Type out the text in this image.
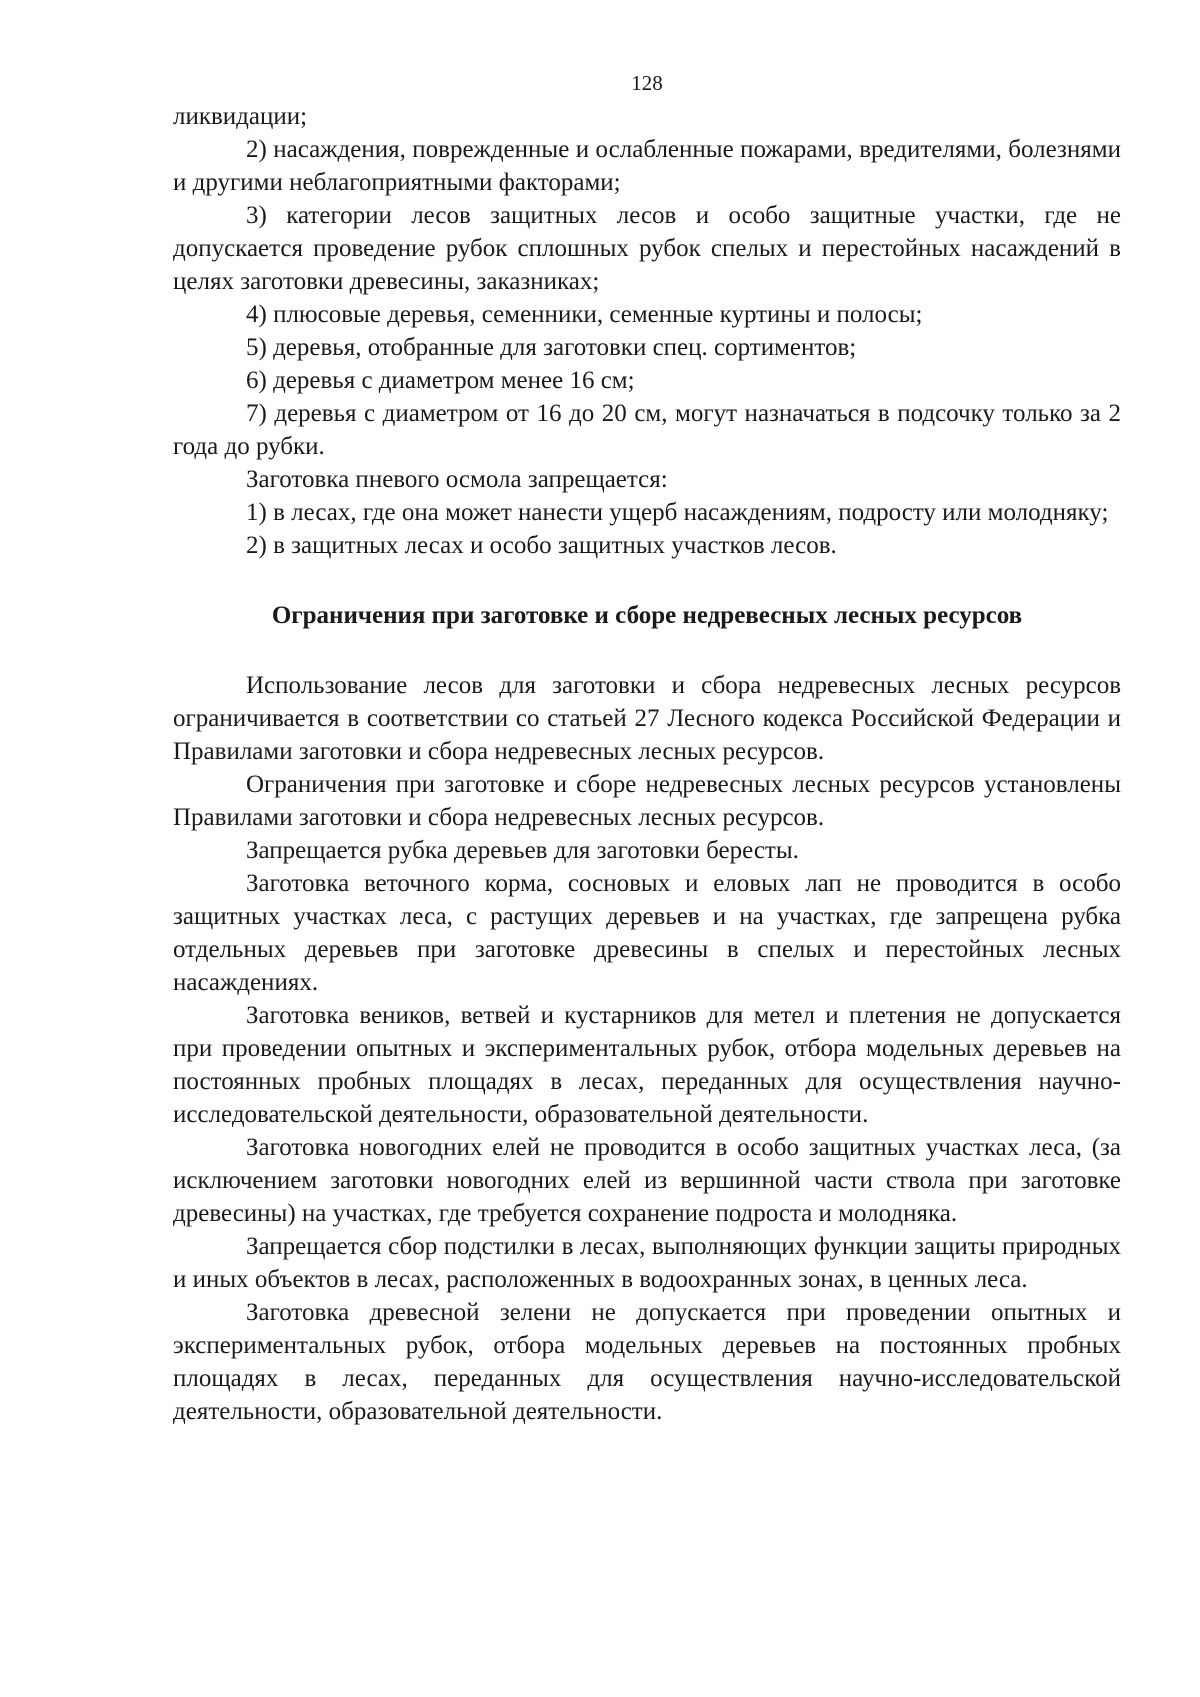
128

ликвидации;

2) насаждения, поврежденные и ослабленные пожарами, вредителями, болезнями и другими неблагоприятными факторами;

3) категории лесов защитных лесов и особо защитные участки, где не допускается проведение рубок сплошных рубок спелых и перестойных насаждений в целях заготовки древесины, заказниках;

4) плюсовые деревья, семенники, семенные куртины и полосы;

5) деревья, отобранные для заготовки спец. сортиментов;

6) деревья с диаметром менее 16 см;

7) деревья с диаметром от 16 до 20 см, могут назначаться в подсочку только за 2 года до рубки.

Заготовка пневого осмола запрещается:

1) в лесах, где она может нанести ущерб насаждениям, подросту или молодняку;

2) в защитных лесах и особо защитных участков лесов.

Ограничения при заготовке и сборе недревесных лесных ресурсов

Использование лесов для заготовки и сбора недревесных лесных ресурсов ограничивается в соответствии со статьей 27 Лесного кодекса Российской Федерации и Правилами заготовки и сбора недревесных лесных ресурсов.

Ограничения при заготовке и сборе недревесных лесных ресурсов установлены Правилами заготовки и сбора недревесных лесных ресурсов.

Запрещается рубка деревьев для заготовки бересты.

Заготовка веточного корма, сосновых и еловых лап не проводится в особо защитных участках леса, с растущих деревьев и на участках, где запрещена рубка отдельных деревьев при заготовке древесины в спелых и перестойных лесных насаждениях.

Заготовка веников, ветвей и кустарников для метел и плетения не допускается при проведении опытных и экспериментальных рубок, отбора модельных деревьев на постоянных пробных площадях в лесах, переданных для осуществления научно-исследовательской деятельности, образовательной деятельности.

Заготовка новогодних елей не проводится в особо защитных участках леса, (за исключением заготовки новогодних елей из вершинной части ствола при заготовке древесины) на участках, где требуется сохранение подроста и молодняка.

Запрещается сбор подстилки в лесах, выполняющих функции защиты природных и иных объектов в лесах, расположенных в водоохранных зонах, в ценных леса.

Заготовка древесной зелени не допускается при проведении опытных и экспериментальных рубок, отбора модельных деревьев на постоянных пробных площадях в лесах, переданных для осуществления научно-исследовательской деятельности, образовательной деятельности.
